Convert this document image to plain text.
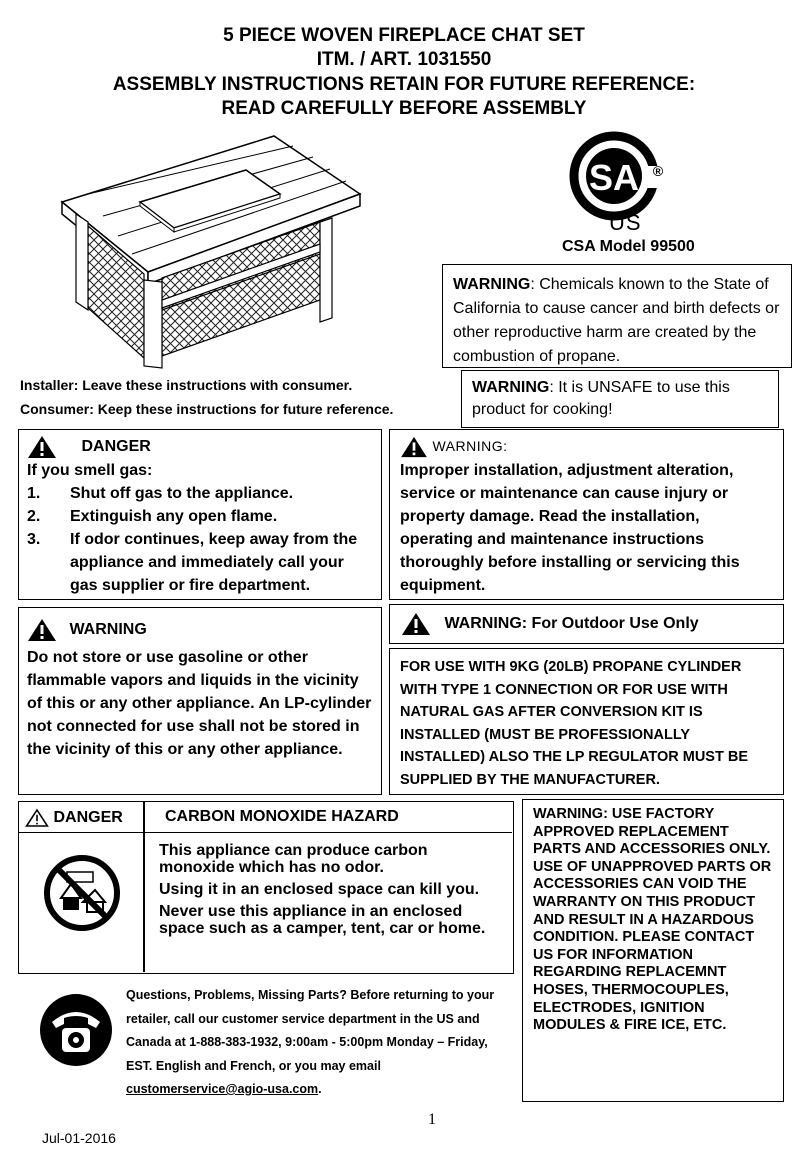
5 PIECE WOVEN FIREPLACE CHAT SET
ITM. / ART. 1031550
ASSEMBLY INSTRUCTIONS RETAIN FOR FUTURE REFERENCE:
READ CAREFULLY BEFORE ASSEMBLY
SA ®
US
CSA Model 99500
WARNING: Chemicals known to the State of California to cause cancer and birth defects or other reproductive harm are created by the combustion of propane.
Installer: Leave these instructions with consumer.
Consumer: Keep these instructions for future reference.
WARNING: It is UNSAFE to use this product for cooking!
DANGER
If you smell gas:
1. Shut off gas to the appliance.
2. Extinguish any open flame.
3. If odor continues, keep away from the appliance and immediately call your gas supplier or fire department.
WARNING:
Improper installation, adjustment alteration, service or maintenance can cause injury or property damage. Read the installation, operating and maintenance instructions thoroughly before installing or servicing this equipment.
WARNING
Do not store or use gasoline or other flammable vapors and liquids in the vicinity of this or any other appliance. An LP-cylinder not connected for use shall not be stored in the vicinity of this or any other appliance.
WARNING: For Outdoor Use Only
FOR USE WITH 9KG (20LB) PROPANE CYLINDER WITH TYPE 1 CONNECTION OR FOR USE WITH NATURAL GAS AFTER CONVERSION KIT IS INSTALLED (MUST BE PROFESSIONALLY INSTALLED) ALSO THE LP REGULATOR MUST BE SUPPLIED BY THE MANUFACTURER.
DANGER	CARBON MONOXIDE HAZARD
This appliance can produce carbon monoxide which has no odor.
Using it in an enclosed space can kill you.
Never use this appliance in an enclosed space such as a camper, tent, car or home.
WARNING: USE FACTORY APPROVED REPLACEMENT PARTS AND ACCESSORIES ONLY. USE OF UNAPPROVED PARTS OR ACCESSORIES CAN VOID THE WARRANTY ON THIS PRODUCT AND RESULT IN A HAZARDOUS CONDITION. PLEASE CONTACT US FOR INFORMATION REGARDING REPLACEMNT HOSES, THERMOCOUPLES, ELECTRODES, IGNITION MODULES & FIRE ICE, ETC.
Questions, Problems, Missing Parts? Before returning to your retailer, call our customer service department in the US and Canada at 1-888-383-1932, 9:00am - 5:00pm Monday – Friday, EST. English and French, or you may email customerservice@agio-usa.com.
1
Jul-01-2016
